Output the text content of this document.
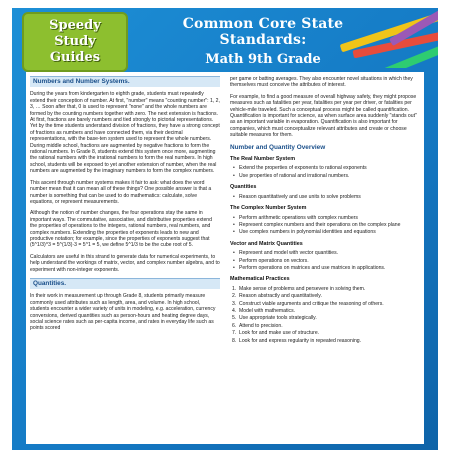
Speedy
Study
Guides
Common Core State Standards:
Math 9th Grade
Numbers and Number Systems.

During the years from kindergarten to eighth grade, students must repeatedly extend their conception of number. At first, "number" means "counting number": 1, 2, 3, … Soon after that, 0 is used to represent "none" and the whole numbers are formed by the counting numbers together with zero. The next extension is fractions. At first, fractions are barely numbers and tied strongly to pictorial representations. Yet by the time students understand division of fractions, they have a strong concept of fractions as numbers and have connected them, via their decimal representations, with the base-ten system used to represent the whole numbers. During middle school, fractions are augmented by negative fractions to form the rational numbers. In Grade 8, students extend this system once more, augmenting the rational numbers with the irrational numbers to form the real numbers. In high school, students will be exposed to yet another extension of number, when the real numbers are augmented by the imaginary numbers to form the complex numbers.

This ascent through number systems makes it fair to ask: what does the word number mean that it can mean all of these things? One possible answer is that a number is something that can be used to do mathematics: calculate, solve equations, or represent measurements.

Although the notion of number changes, the four operations stay the same in important ways. The commutative, associative, and distributive properties extend the properties of operations to the integers, rational numbers, real numbers, and complex numbers. Extending the properties of exponents leads to new and productive notation; for example, since the properties of exponents suggest that (5^1/3)^3 = 5^(1/3)·3 = 5^1 = 5, we define 5^1/3 to be the cube root of 5.

Calculators are useful in this strand to generate data for numerical experiments, to help understand the workings of matrix, vector, and complex number algebra, and to experiment with non-integer exponents.

Quantities.

In their work in measurement up through Grade 8, students primarily measure commonly used attributes such as length, area, and volume. In high school, students encounter a wider variety of units in modeling, e.g. acceleration, currency conversions, derived quantities such as person-hours and heating degree days, social science rates such as per-capita income, and rates in everyday life such as points scored

per game or batting averages. They also encounter novel situations in which they themselves must conceive the attributes of interest.

For example, to find a good measure of overall highway safety, they might propose measures such as fatalities per year, fatalities per year per driver, or fatalities per vehicle-mile traveled. Such a conceptual process might be called quantification. Quantification is important for science, as when surface area suddenly "stands out" as an important variable in evaporation. Quantification is also important for companies, which must conceptualize relevant attributes and create or choose suitable measures for them.

Number and Quantity Overview
The Real Number System
• Extend the properties of exponents to rational exponents
• Use properties of rational and irrational numbers.
Quantities
• Reason quantitatively and use units to solve problems
The Complex Number System
• Perform arithmetic operations with complex numbers
• Represent complex numbers and their operations on the complex plane
• Use complex numbers in polynomial identities and equations
Vector and Matrix Quantities
• Represent and model with vector quantities.
• Perform operations on vectors.
• Perform operations on matrices and use matrices in applications.
Mathematical Practices
1. Make sense of problems and persevere in solving them.
2. Reason abstractly and quantitatively.
3. Construct viable arguments and critique the reasoning of others.
4. Model with mathematics.
5. Use appropriate tools strategically.
6. Attend to precision.
7. Look for and make use of structure.
8. Look for and express regularity in repeated reasoning.
